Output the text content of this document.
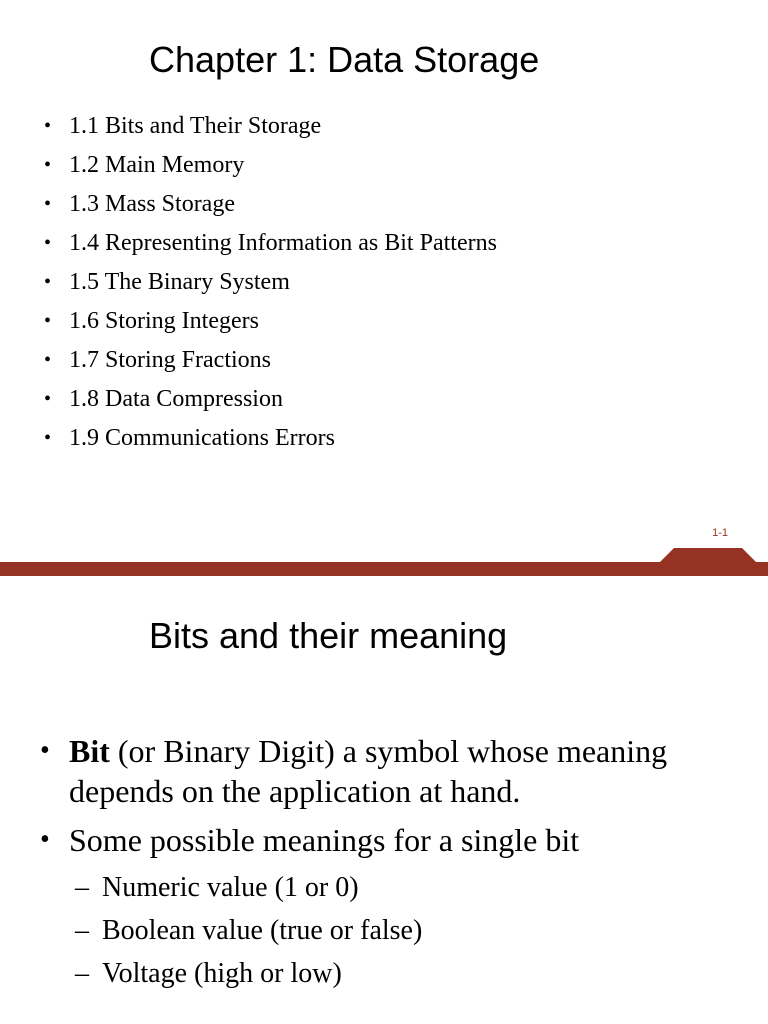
Chapter 1: Data Storage
• 1.1 Bits and Their Storage
• 1.2 Main Memory
• 1.3 Mass Storage
• 1.4 Representing Information as Bit Patterns
• 1.5 The Binary System
• 1.6 Storing Integers
• 1.7 Storing Fractions
• 1.8 Data Compression
• 1.9 Communications Errors
1-1
Bits and their meaning
• Bit (or Binary Digit) a symbol whose meaning depends on the application at hand.
• Some possible meanings for a single bit
– Numeric value (1 or 0)
– Boolean value (true or false)
– Voltage (high or low)
